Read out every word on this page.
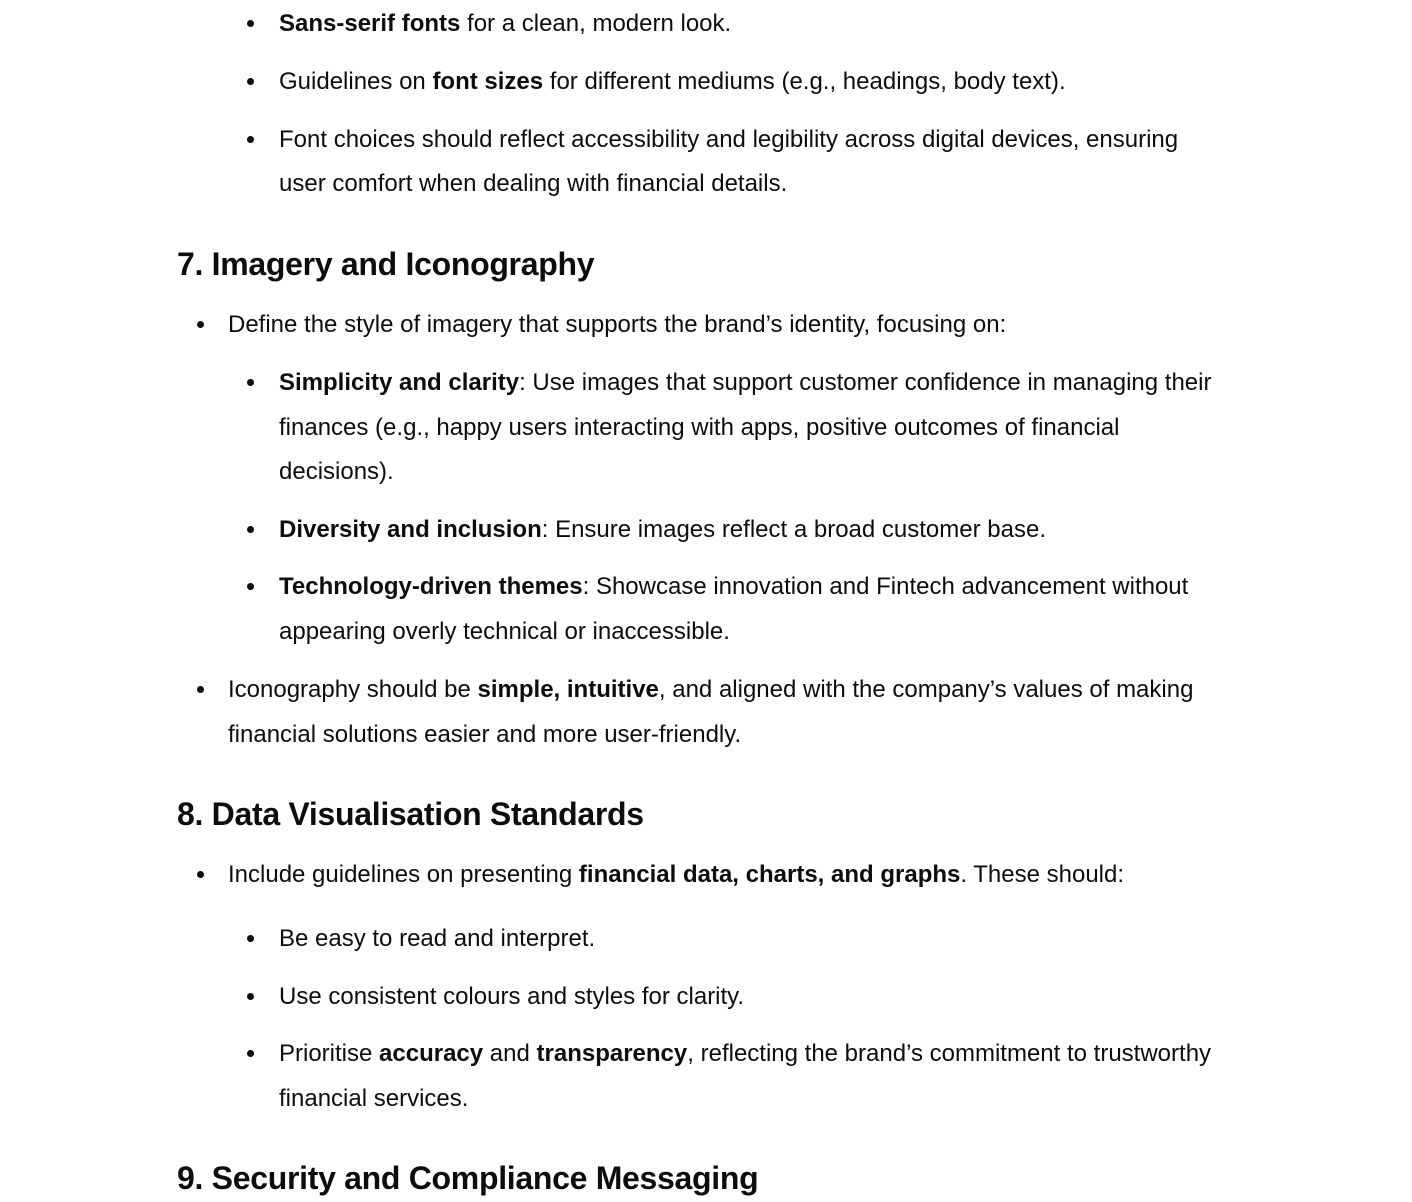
Sans-serif fonts for a clean, modern look.
Guidelines on font sizes for different mediums (e.g., headings, body text).
Font choices should reflect accessibility and legibility across digital devices, ensuring
user comfort when dealing with financial details.
7. Imagery and Iconography
Define the style of imagery that supports the brand’s identity, focusing on:
Simplicity and clarity: Use images that support customer confidence in managing their
finances (e.g., happy users interacting with apps, positive outcomes of financial
decisions).
Diversity and inclusion: Ensure images reflect a broad customer base.
Technology-driven themes: Showcase innovation and Fintech advancement without
appearing overly technical or inaccessible.
Iconography should be simple, intuitive, and aligned with the company’s values of making
financial solutions easier and more user-friendly.
8. Data Visualisation Standards
Include guidelines on presenting financial data, charts, and graphs. These should:
Be easy to read and interpret.
Use consistent colours and styles for clarity.
Prioritise accuracy and transparency, reflecting the brand’s commitment to trustworthy
financial services.
9. Security and Compliance Messaging
